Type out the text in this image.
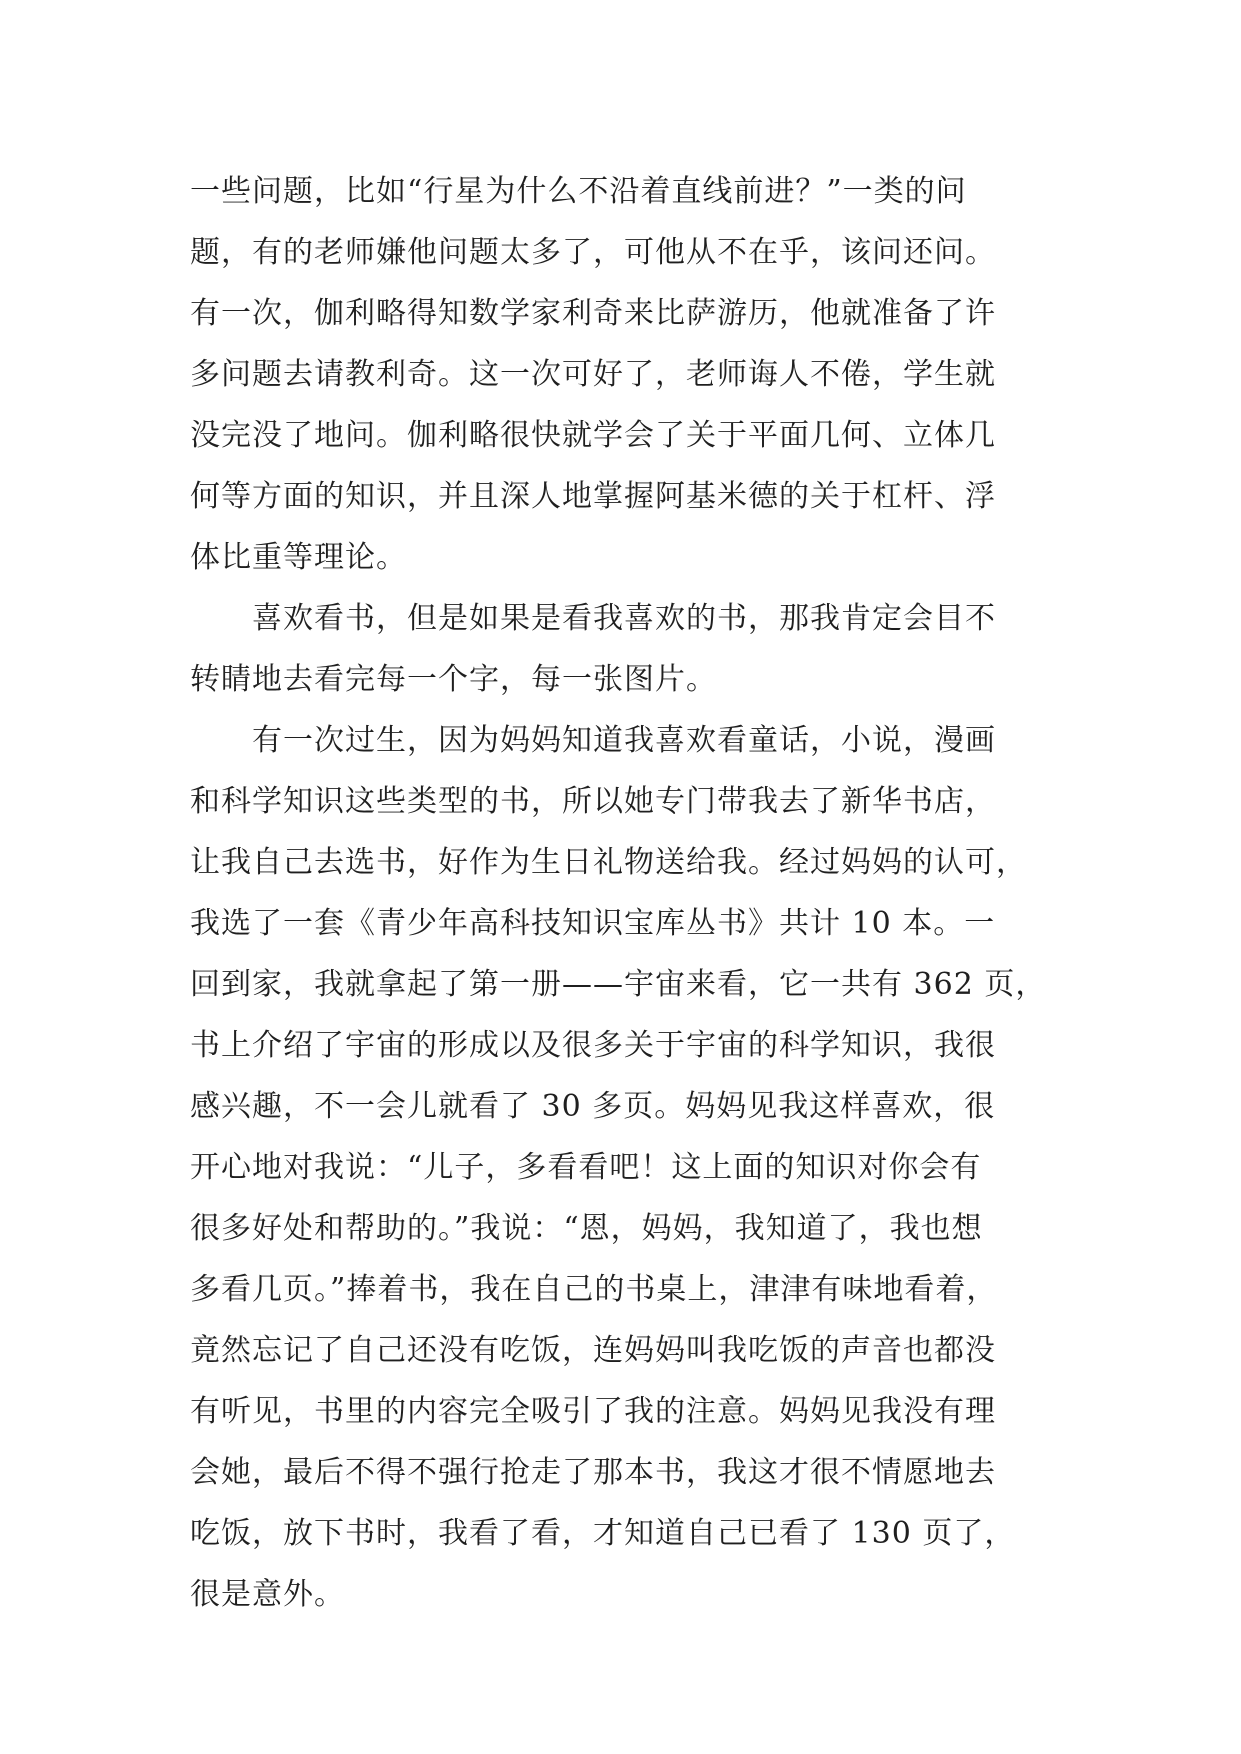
一些问题，比如“行星为什么不沿着直线前进？”一类的问
题，有的老师嫌他问题太多了，可他从不在乎，该问还问。
有一次，伽利略得知数学家利奇来比萨游历，他就准备了许
多问题去请教利奇。这一次可好了，老师诲人不倦，学生就
没完没了地问。伽利略很快就学会了关于平面几何、立体几
何等方面的知识，并且深人地掌握阿基米德的关于杠杆、浮
体比重等理论。
喜欢看书，但是如果是看我喜欢的书，那我肯定会目不
转睛地去看完每一个字，每一张图片。
有一次过生，因为妈妈知道我喜欢看童话，小说，漫画
和科学知识这些类型的书，所以她专门带我去了新华书店，
让我自己去选书，好作为生日礼物送给我。经过妈妈的认可，
我选了一套《青少年高科技知识宝库丛书》共计 10 本。一
回到家，我就拿起了第一册——宇宙来看，它一共有 362 页，
书上介绍了宇宙的形成以及很多关于宇宙的科学知识，我很
感兴趣，不一会儿就看了 30 多页。妈妈见我这样喜欢，很
开心地对我说：“儿子，多看看吧！这上面的知识对你会有
很多好处和帮助的。”我说：“恩，妈妈，我知道了，我也想
多看几页。”捧着书，我在自己的书桌上，津津有味地看着，
竟然忘记了自己还没有吃饭，连妈妈叫我吃饭的声音也都没
有听见，书里的内容完全吸引了我的注意。妈妈见我没有理
会她，最后不得不强行抢走了那本书，我这才很不情愿地去
吃饭，放下书时，我看了看，才知道自己已看了 130 页了，
很是意外。
